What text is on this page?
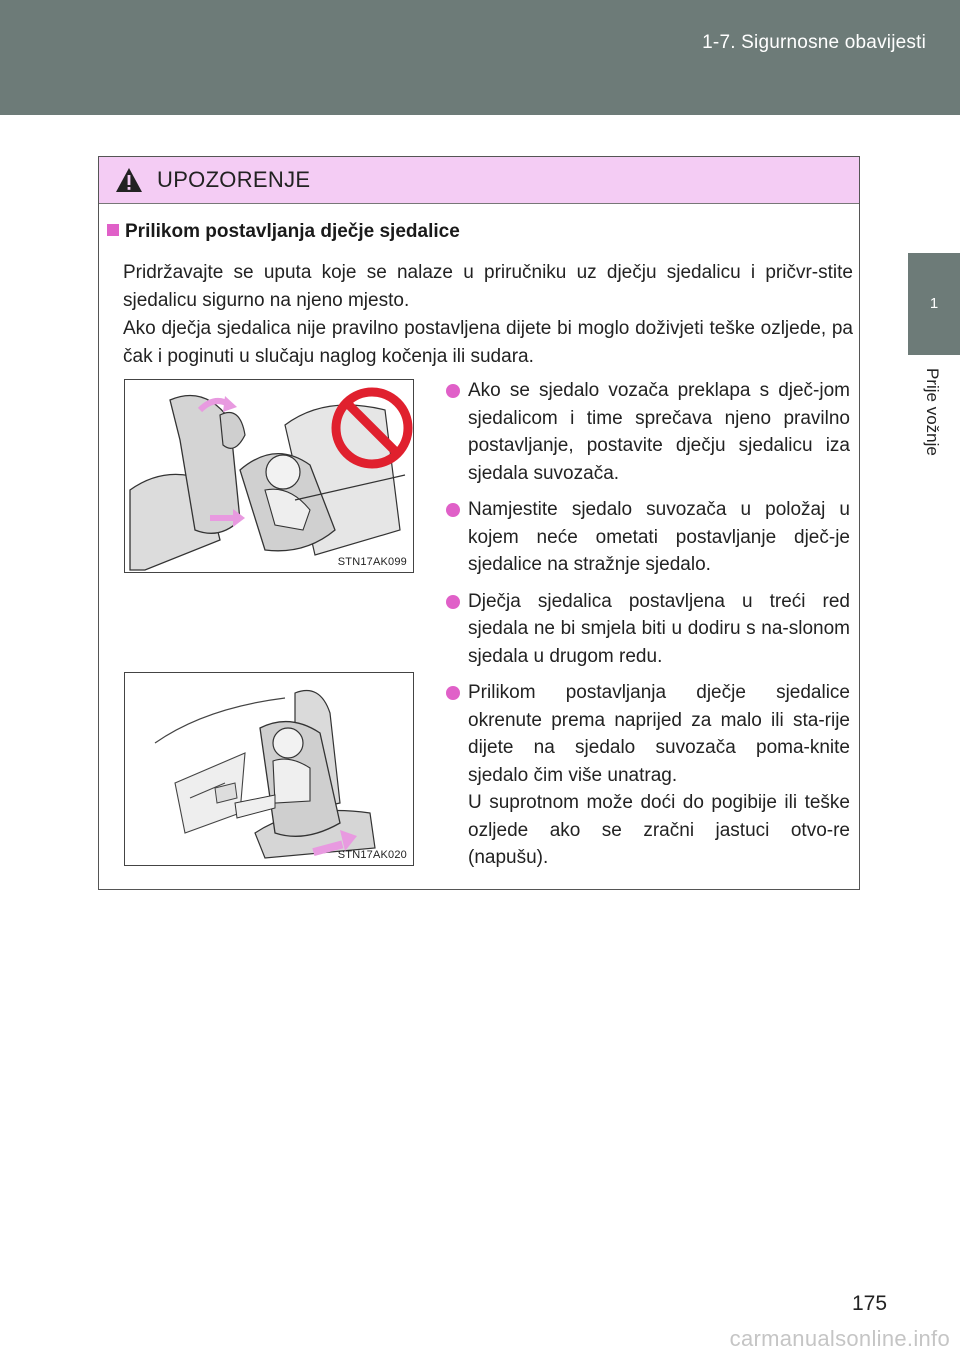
1-7. Sigurnosne obavijesti
1
Prije vožnje
UPOZORENJE
Prilikom postavljanja dječje sjedalice

Pridržavajte se uputa koje se nalaze u priručniku uz dječju sjedalicu i pričvr-stite sjedalicu sigurno na njeno mjesto.

Ako dječja sjedalica nije pravilno postavljena dijete bi moglo doživjeti teške ozljede, pa čak i poginuti u slučaju naglog kočenja ili sudara.

STN17AK099
STN17AK020

Ako se sjedalo vozača preklapa s dječ-jom sjedalicom i time sprečava njeno pravilno postavljanje, postavite dječju sjedalicu iza sjedala suvozača.

Namjestite sjedalo suvozača u položaj u kojem neće ometati postavljanje dječ-je sjedalice na stražnje sjedalo.

Dječja sjedalica postavljena u treći red sjedala ne bi smjela biti u dodiru s na-slonom sjedala u drugom redu.

Prilikom postavljanja dječje sjedalice okrenute prema naprijed za malo ili sta-rije dijete na sjedalo suvozača poma-knite sjedalo čim više unatrag.

U suprotnom može doći do pogibije ili teške ozljede ako se zračni jastuci otvo-re (napušu).

175
carmanualsonline.info
